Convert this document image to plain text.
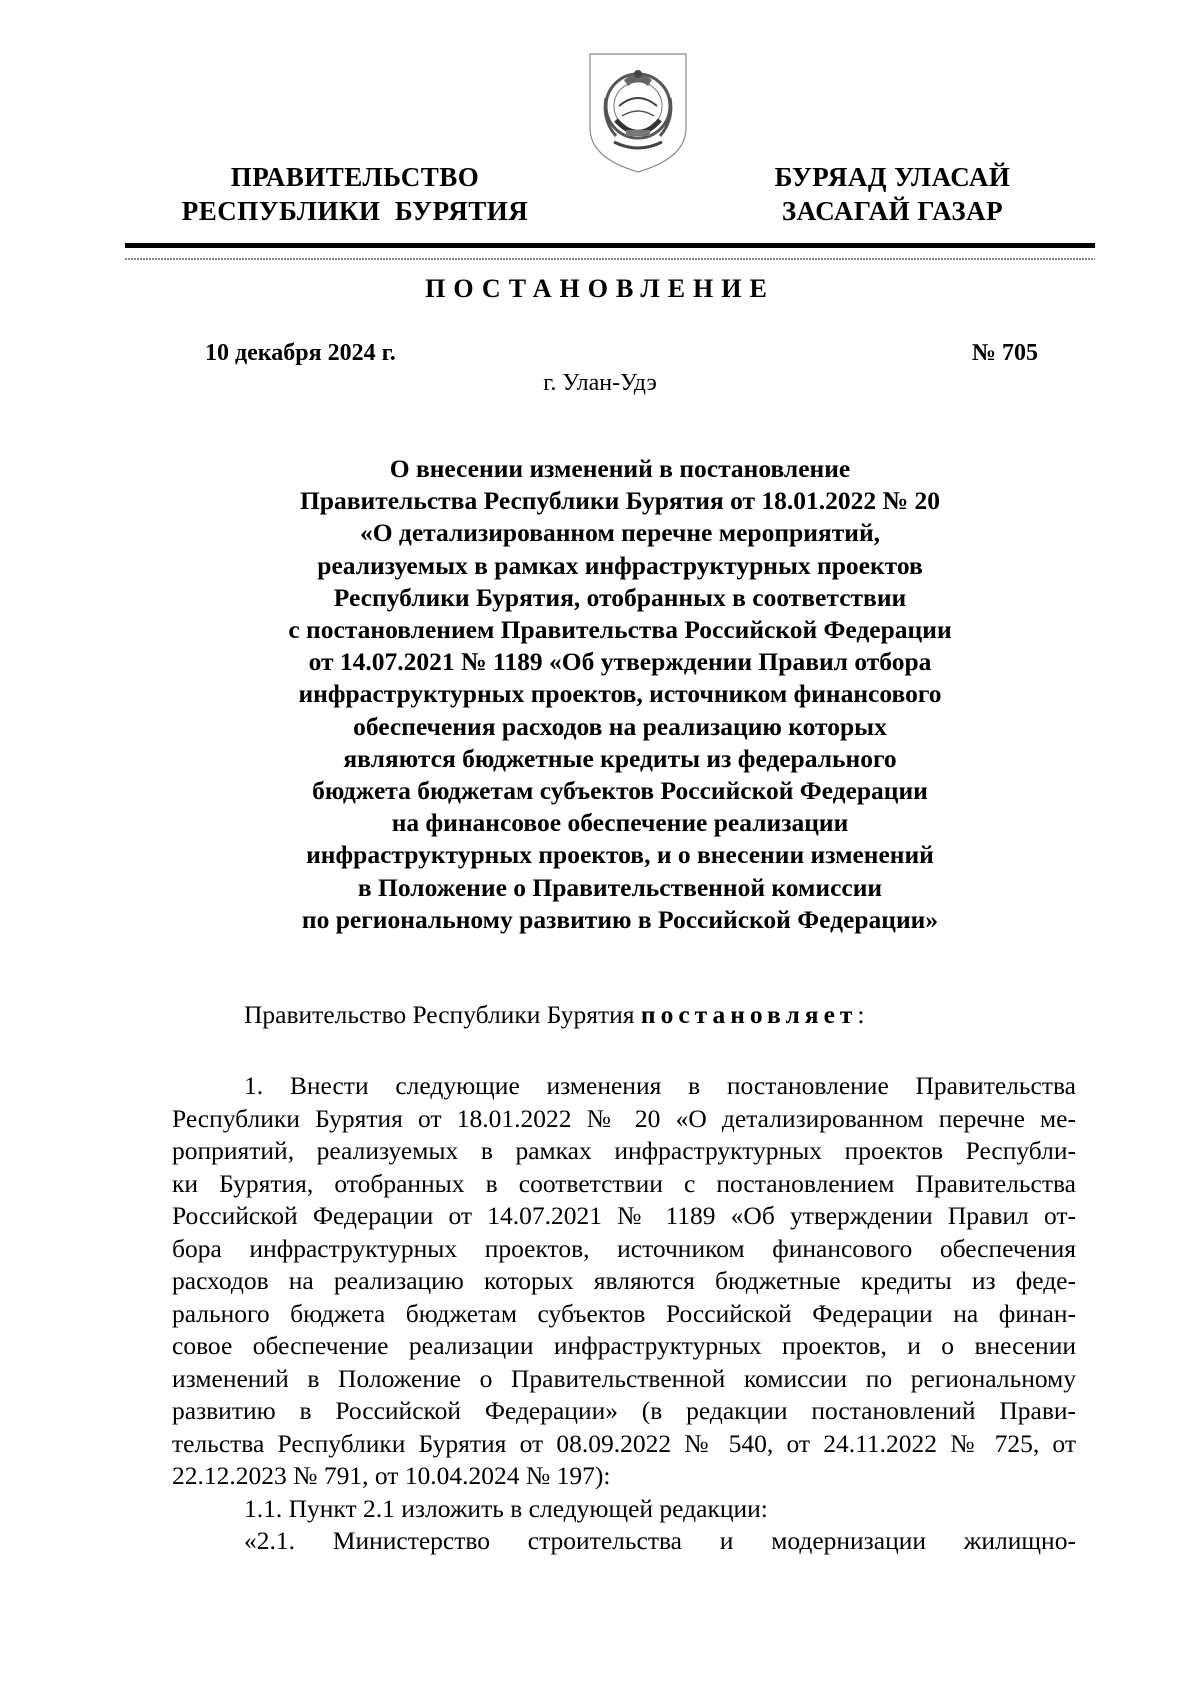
ПРАВИТЕЛЬСТВО
РЕСПУБЛИКИ  БУРЯТИЯ
БУРЯАД УЛАСАЙ
ЗАСАГАЙ ГАЗАР
ПОСТАНОВЛЕНИЕ
10 декабря 2024 г.	№ 705
г. Улан-Удэ
О внесении изменений в постановление
Правительства Республики Бурятия от 18.01.2022 № 20
«О детализированном перечне мероприятий,
реализуемых в рамках инфраструктурных проектов
Республики Бурятия, отобранных в соответствии
с постановлением Правительства Российской Федерации
от 14.07.2021 № 1189 «Об утверждении Правил отбора
инфраструктурных проектов, источником финансового
обеспечения расходов на реализацию которых
являются бюджетные кредиты из федерального
бюджета бюджетам субъектов Российской Федерации
на финансовое обеспечение реализации
инфраструктурных проектов, и о внесении изменений
в Положение о Правительственной комиссии
по региональному развитию в Российской Федерации»
Правительство Республики Бурятия постановляет:
1. Внести следующие изменения в постановление Правительства
Республики Бурятия от 18.01.2022 № 20 «О детализированном перечне ме-
роприятий, реализуемых в рамках инфраструктурных проектов Республи-
ки Бурятия, отобранных в соответствии с постановлением Правительства
Российской Федерации от 14.07.2021 № 1189 «Об утверждении Правил от-
бора инфраструктурных проектов, источником финансового обеспечения
расходов на реализацию которых являются бюджетные кредиты из феде-
рального бюджета бюджетам субъектов Российской Федерации на финан-
совое обеспечение реализации инфраструктурных проектов, и о внесении
изменений в Положение о Правительственной комиссии по региональному
развитию в Российской Федерации» (в редакции постановлений Прави-
тельства Республики Бурятия от 08.09.2022 № 540, от 24.11.2022 № 725, от
22.12.2023 № 791, от 10.04.2024 № 197):
1.1. Пункт 2.1 изложить в следующей редакции:
«2.1. Министерство строительства и модернизации жилищно-
